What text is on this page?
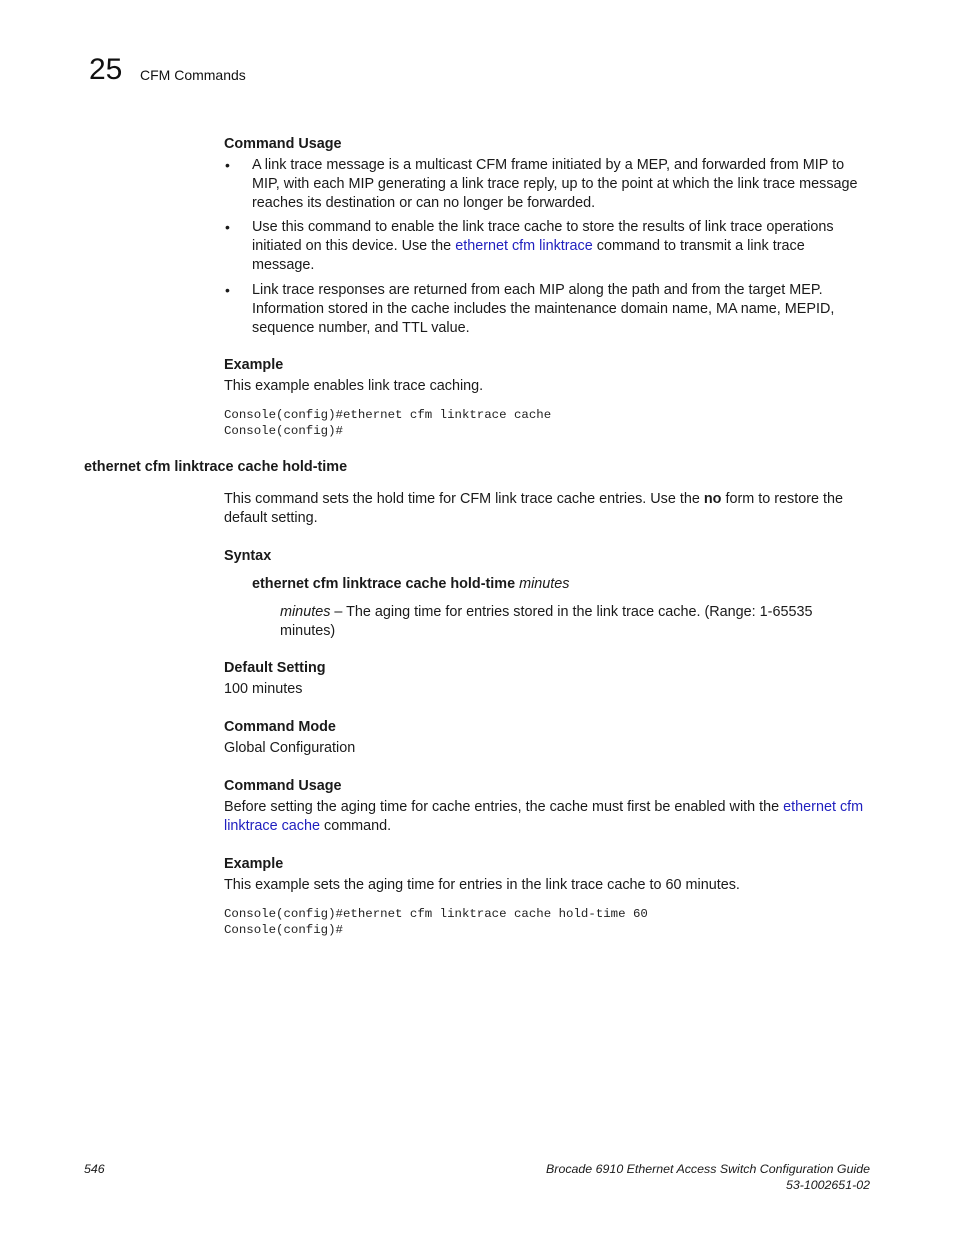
25 CFM Commands
Command Usage
• A link trace message is a multicast CFM frame initiated by a MEP, and forwarded from MIP to MIP, with each MIP generating a link trace reply, up to the point at which the link trace message reaches its destination or can no longer be forwarded.
• Use this command to enable the link trace cache to store the results of link trace operations initiated on this device. Use the ethernet cfm linktrace command to transmit a link trace message.
• Link trace responses are returned from each MIP along the path and from the target MEP. Information stored in the cache includes the maintenance domain name, MA name, MEPID, sequence number, and TTL value.
Example
This example enables link trace caching.
Console(config)#ethernet cfm linktrace cache
Console(config)#
ethernet cfm linktrace cache hold-time
This command sets the hold time for CFM link trace cache entries. Use the no form to restore the default setting.
Syntax
ethernet cfm linktrace cache hold-time minutes
minutes – The aging time for entries stored in the link trace cache. (Range: 1-65535 minutes)
Default Setting
100 minutes
Command Mode
Global Configuration
Command Usage
Before setting the aging time for cache entries, the cache must first be enabled with the ethernet cfm linktrace cache command.
Example
This example sets the aging time for entries in the link trace cache to 60 minutes.
Console(config)#ethernet cfm linktrace cache hold-time 60
Console(config)#
546	Brocade 6910 Ethernet Access Switch Configuration Guide
53-1002651-02
